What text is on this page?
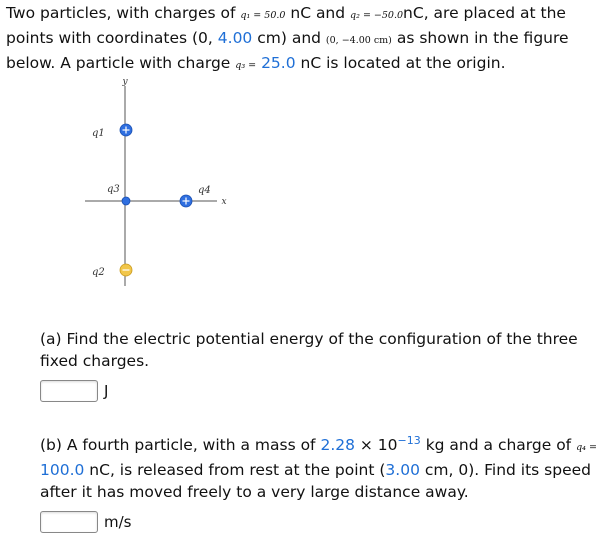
Two particles, with charges of q₁ = 50.0 nC and q₂ = −50.0nC, are placed at the points with coordinates (0, 4.00 cm) and (0, −4.00 cm) as shown in the figure below. A particle with charge q₃ = 25.0 nC is located at the origin.
y
x
q1
q3	q4
q2
(a) Find the electric potential energy of the configuration of the three fixed charges.
J
(b) A fourth particle, with a mass of $2.28 \times 10^{-13}$ kg and a charge of q₄ = 100.0 nC, is released from rest at the point (3.00 cm, 0). Find its speed after it has moved freely to a very large distance away.
m/s
